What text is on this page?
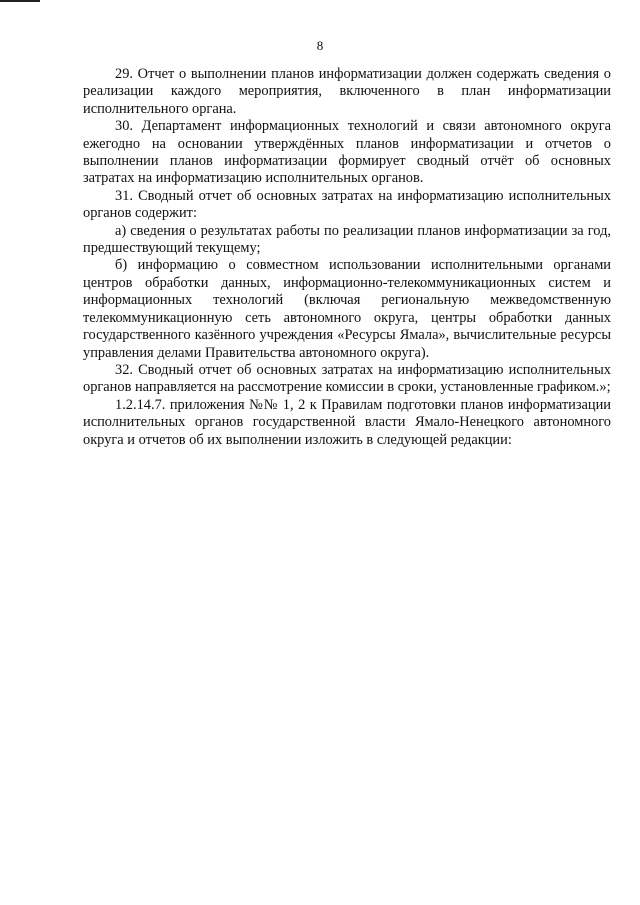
8

29. Отчет о выполнении планов информатизации должен содержать сведения о реализации каждого мероприятия, включенного в план информатизации исполнительного органа.

30. Департамент информационных технологий и связи автономного округа ежегодно на основании утверждённых планов информатизации и отчетов о выполнении планов информатизации формирует сводный отчёт об основных затратах на информатизацию исполнительных органов.

31. Сводный отчет об основных затратах на информатизацию исполнительных органов содержит:

а) сведения о результатах работы по реализации планов информатизации за год, предшествующий текущему;

б) информацию о совместном использовании исполнительными органами центров обработки данных, информационно-телекоммуникационных систем и информационных технологий (включая региональную межведомственную телекоммуникационную сеть автономного округа, центры обработки данных государственного казённого учреждения «Ресурсы Ямала», вычислительные ресурсы управления делами Правительства автономного округа).

32. Сводный отчет об основных затратах на информатизацию исполнительных органов направляется на рассмотрение комиссии в сроки, установленные графиком.»;

1.2.14.7. приложения №№ 1, 2 к Правилам подготовки планов информатизации исполнительных органов государственной власти Ямало-Ненецкого автономного округа и отчетов об их выполнении изложить в следующей редакции:
